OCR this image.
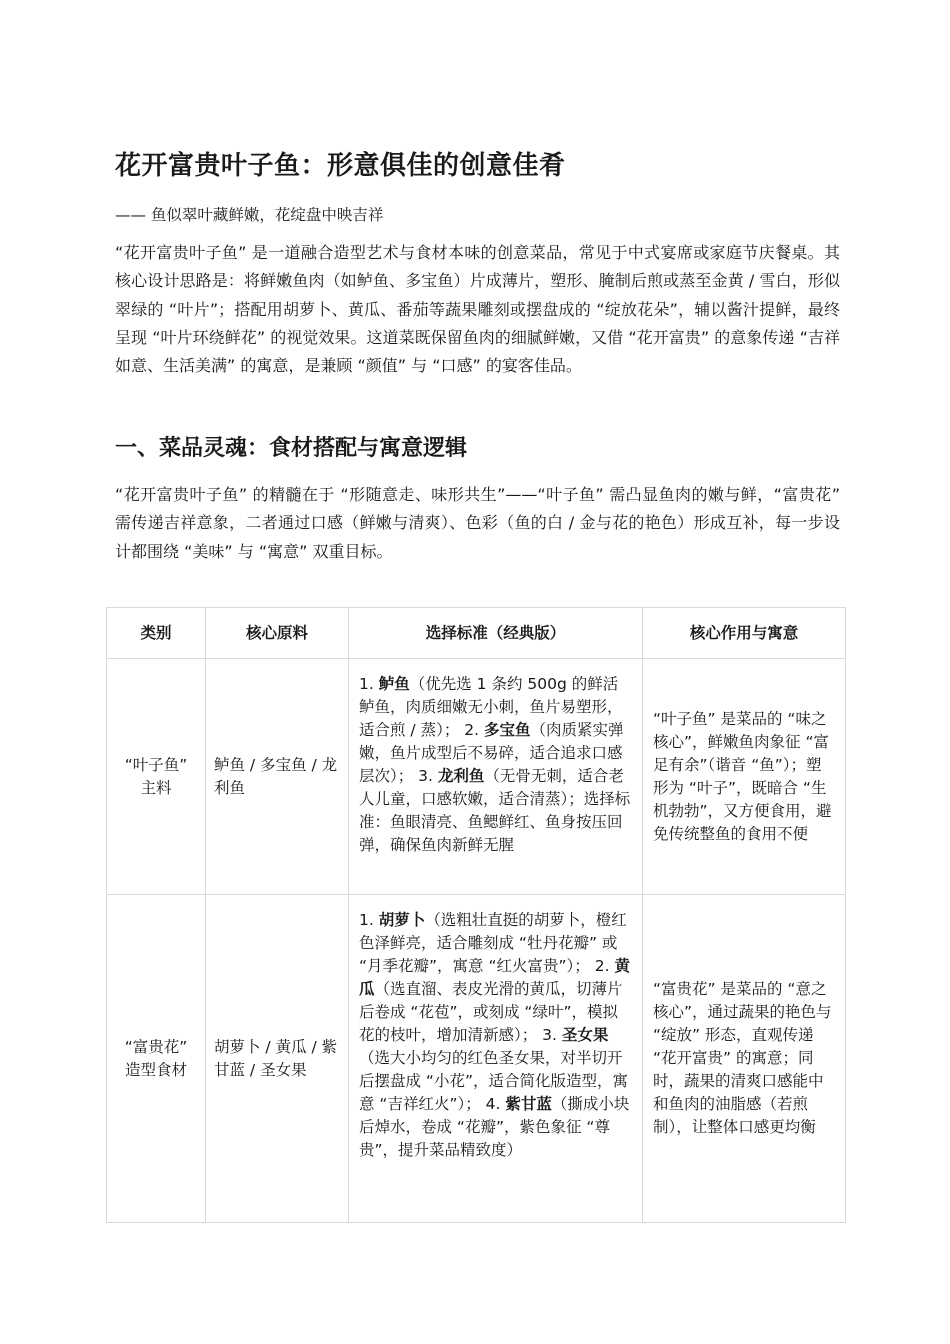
花开富贵叶子鱼：形意俱佳的创意佳肴

—— 鱼似翠叶藏鲜嫩，花绽盘中映吉祥

“花开富贵叶子鱼” 是一道融合造型艺术与食材本味的创意菜品，常见于中式宴席或家庭节庆餐桌。其核心设计思路是：将鲜嫩鱼肉（如鲈鱼、多宝鱼）片成薄片，塑形、腌制后煎或蒸至金黄 / 雪白，形似翠绿的 “叶片”；搭配用胡萝卜、黄瓜、番茄等蔬果雕刻或摆盘成的 “绽放花朵”，辅以酱汁提鲜，最终呈现 “叶片环绕鲜花” 的视觉效果。这道菜既保留鱼肉的细腻鲜嫩，又借 “花开富贵” 的意象传递 “吉祥如意、生活美满” 的寓意，是兼顾 “颜值” 与 “口感” 的宴客佳品。

一、菜品灵魂：食材搭配与寓意逻辑

“花开富贵叶子鱼” 的精髓在于 “形随意走、味形共生”——“叶子鱼” 需凸显鱼肉的嫩与鲜，“富贵花” 需传递吉祥意象，二者通过口感（鲜嫩与清爽）、色彩（鱼的白 / 金与花的艳色）形成互补，每一步设计都围绕 “美味” 与 “寓意” 双重目标。

类别	核心原料	选择标准（经典版）	核心作用与寓意
“叶子鱼” 主料	鲈鱼 / 多宝鱼 / 龙利鱼	1. 鲈鱼（优先选 1 条约 500g 的鲜活鲈鱼，肉质细嫩无小刺，鱼片易塑形，适合煎 / 蒸）； 2. 多宝鱼（肉质紧实弹嫩，鱼片成型后不易碎，适合追求口感层次）； 3. 龙利鱼（无骨无刺，适合老人儿童，口感软嫩，适合清蒸）；选择标准：鱼眼清亮、鱼鳃鲜红、鱼身按压回弹，确保鱼肉新鲜无腥	“叶子鱼” 是菜品的 “味之核心”，鲜嫩鱼肉象征 “富足有余”（谐音 “鱼”）；塑形为 “叶子”，既暗合 “生机勃勃”，又方便食用，避免传统整鱼的食用不便
“富贵花” 造型食材	胡萝卜 / 黄瓜 / 紫甘蓝 / 圣女果	1. 胡萝卜（选粗壮直挺的胡萝卜，橙红色泽鲜亮，适合雕刻成 “牡丹花瓣” 或 “月季花瓣”，寓意 “红火富贵”）； 2. 黄瓜（选直溜、表皮光滑的黄瓜，切薄片后卷成 “花苞”，或刻成 “绿叶”，模拟花的枝叶，增加清新感）； 3. 圣女果（选大小均匀的红色圣女果，对半切开后摆盘成 “小花”，适合简化版造型，寓意 “吉祥红火”）； 4. 紫甘蓝（撕成小块后焯水，卷成 “花瓣”，紫色象征 “尊贵”，提升菜品精致度）	“富贵花” 是菜品的 “意之核心”，通过蔬果的艳色与 “绽放” 形态，直观传递 “花开富贵” 的寓意；同时，蔬果的清爽口感能中和鱼肉的油脂感（若煎制），让整体口感更均衡
